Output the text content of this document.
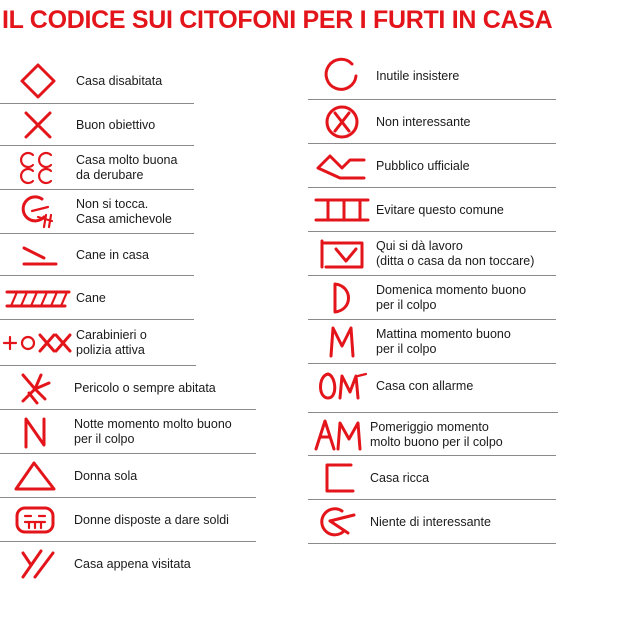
IL CODICE SUI CITOFONI PER I FURTI IN CASA
Casa disabitata
Buon obiettivo
Casa molto buona
da derubare
Non si tocca.
Casa amichevole
Cane in casa
Cane
Carabinieri o
polizia attiva
Pericolo o sempre abitata
Notte momento molto buono
per il colpo
Donna sola
Donne disposte a dare soldi
Casa appena visitata
Inutile insistere
Non interessante
Pubblico ufficiale
Evitare questo comune
Qui si dà lavoro
(ditta o casa da non toccare)
Domenica momento buono
per il colpo
Mattina momento buono
per il colpo
Casa con allarme
Pomeriggio momento
molto buono per il colpo
Casa ricca
Niente di interessante
